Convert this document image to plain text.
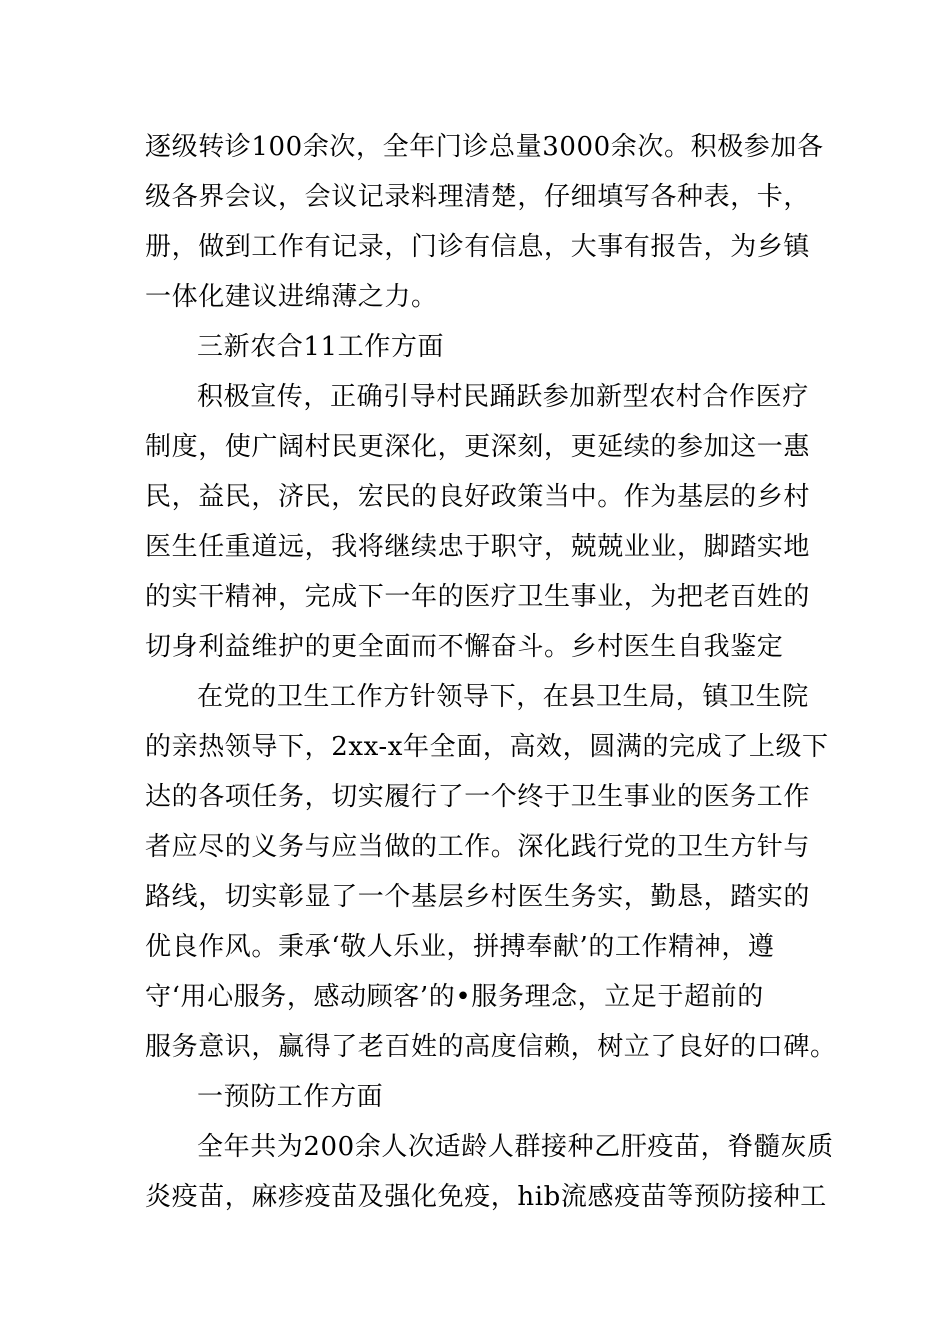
逐级转诊100余次，全年门诊总量3000余次。积极参加各
级各界会议，会议记录料理清楚，仔细填写各种表，卡，
册，做到工作有记录，门诊有信息，大事有报告，为乡镇
一体化建议进绵薄之力。
三新农合11工作方面
积极宣传，正确引导村民踊跃参加新型农村合作医疗
制度，使广阔村民更深化，更深刻，更延续的参加这一惠
民，益民，济民，宏民的良好政策当中。作为基层的乡村
医生任重道远，我将继续忠于职守，兢兢业业，脚踏实地
的实干精神，完成下一年的医疗卫生事业，为把老百姓的
切身利益维护的更全面而不懈奋斗。乡村医生自我鉴定
在党的卫生工作方针领导下，在县卫生局，镇卫生院
的亲热领导下，2xx-x年全面，高效，圆满的完成了上级下
达的各项任务，切实履行了一个终于卫生事业的医务工作
者应尽的义务与应当做的工作。深化践行党的卫生方针与
路线，切实彰显了一个基层乡村医生务实，勤恳，踏实的
优良作风。秉承‘敬人乐业，拼搏奉献’的工作精神，遵
守‘用心服务，感动顾客’的•服务理念，立足于超前的
服务意识，赢得了老百姓的高度信赖，树立了良好的口碑。
一预防工作方面
全年共为200余人次适龄人群接种乙肝疫苗，脊髓灰质
炎疫苗，麻疹疫苗及强化免疫，hib流感疫苗等预防接种工
